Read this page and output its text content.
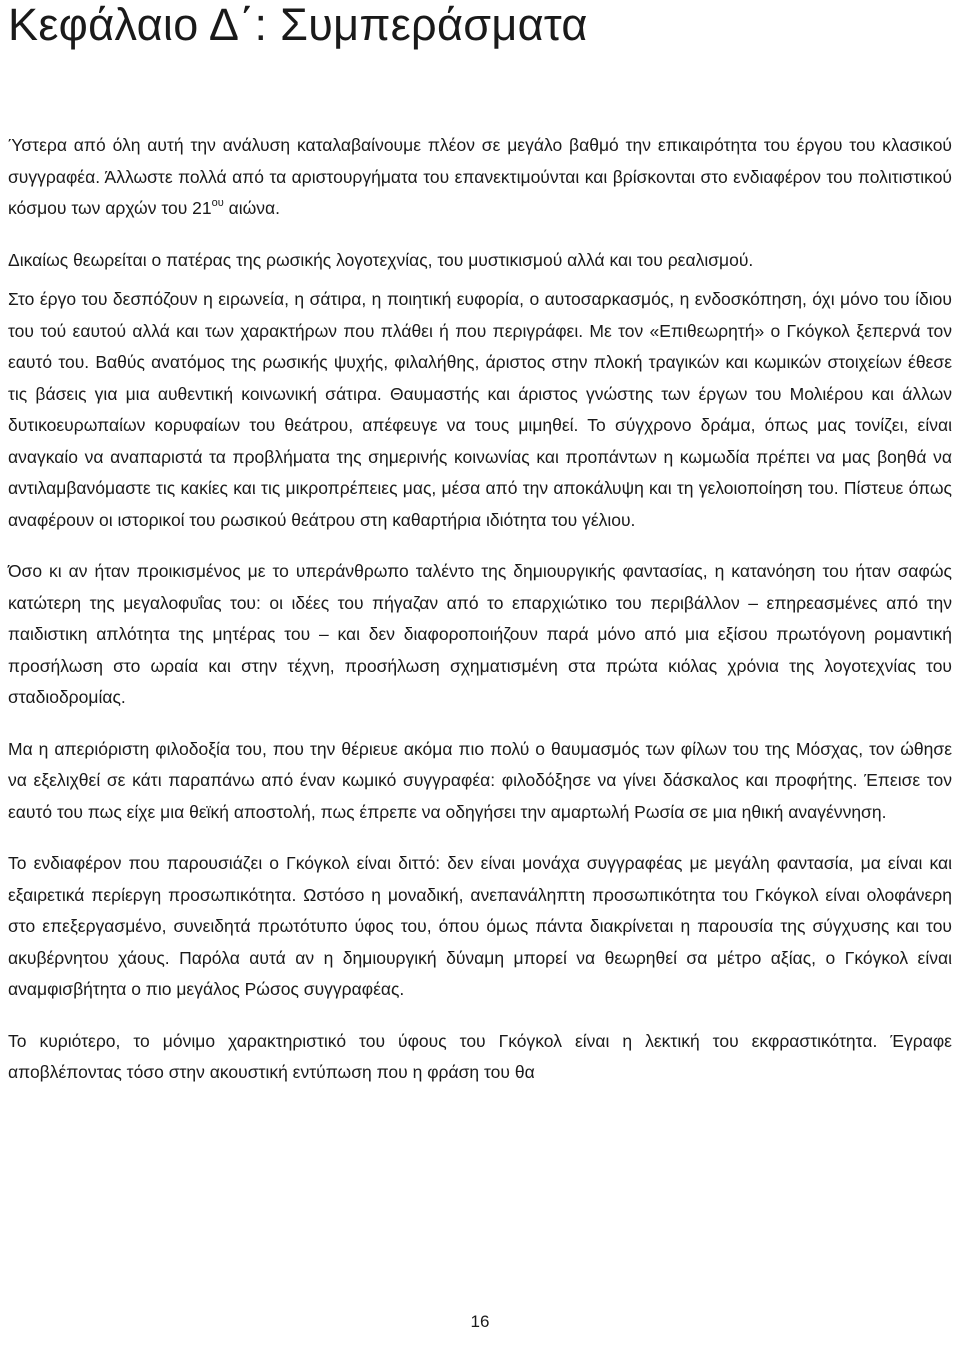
Κεφάλαιο Δ΄: Συμπεράσματα

Ύστερα από όλη αυτή την ανάλυση καταλαβαίνουμε πλέον σε μεγάλο βαθμό την επικαιρότητα του έργου του κλασικού συγγραφέα. Άλλωστε πολλά από τα αριστουργήματα του επανεκτιμούνται και βρίσκονται στο ενδιαφέρον του πολιτιστικού κόσμου των αρχών του $21^{o\upsilon}$ αιώνα.

Δικαίως θεωρείται ο πατέρας της ρωσικής λογοτεχνίας, του μυστικισμού αλλά και του ρεαλισμού.

Στο έργο του δεσπόζουν η ειρωνεία, η σάτιρα, η ποιητική ευφορία, ο αυτοσαρκασμός, η ενδοσκόπηση, όχι μόνο του ίδιου του τού εαυτού αλλά και των χαρακτήρων που πλάθει ή που περιγράφει. Με τον «Επιθεωρητή» ο Γκόγκολ ξεπερνά τον εαυτό του. Βαθύς ανατόμος της ρωσικής ψυχής, φιλαλήθης, άριστος στην πλοκή τραγικών και κωμικών στοιχείων έθεσε τις βάσεις για μια αυθεντική κοινωνική σάτιρα. Θαυμαστής και άριστος γνώστης των έργων του Μολιέρου και άλλων δυτικοευρωπαίων κορυφαίων του θεάτρου, απέφευγε να τους μιμηθεί. Το σύγχρονο δράμα, όπως μας τονίζει, είναι αναγκαίο να αναπαριστά τα προβλήματα της σημερινής κοινωνίας και προπάντων η κωμωδία πρέπει να μας βοηθά να αντιλαμβανόμαστε τις κακίες και τις μικροπρέπειες μας, μέσα από την αποκάλυψη και τη γελοιοποίηση του. Πίστευε όπως αναφέρουν οι ιστορικοί του ρωσικού θεάτρου στη καθαρτήρια ιδιότητα του γέλιου.

Όσο κι αν ήταν προικισμένος με το υπεράνθρωπο ταλέντο της δημιουργικής φαντασίας, η κατανόηση του ήταν σαφώς κατώτερη της μεγαλοφυΐας του: οι ιδέες του πήγαζαν από το επαρχιώτικο του περιβάλλον – επηρεασμένες από την παιδιστικη απλότητα της μητέρας του – και δεν διαφοροποιήζουν παρά μόνο από μια εξίσου πρωτόγονη ρομαντική προσήλωση στο ωραία και στην τέχνη, προσήλωση σχηματισμένη στα πρώτα κιόλας χρόνια της λογοτεχνίας του σταδιοδρομίας.

Μα η απεριόριστη φιλοδοξία του, που την θέριευε ακόμα πιο πολύ ο θαυμασμός των φίλων του της Μόσχας, τον ώθησε να εξελιχθεί σε κάτι παραπάνω από έναν κωμικό συγγραφέα: φιλοδόξησε να γίνει δάσκαλος και προφήτης. Έπεισε τον εαυτό του πως είχε μια θεϊκή αποστολή, πως έπρεπε να οδηγήσει την αμαρτωλή Ρωσία σε μια ηθική αναγέννηση.

Το ενδιαφέρον που παρουσιάζει ο Γκόγκολ είναι διττό: δεν είναι μονάχα συγγραφέας με μεγάλη φαντασία, μα είναι και εξαιρετικά περίεργη προσωπικότητα. Ωστόσο η μοναδική, ανεπανάληπτη προσωπικότητα του Γκόγκολ είναι ολοφάνερη στο επεξεργασμένο, συνειδητά πρωτότυπο ύφος του, όπου όμως πάντα διακρίνεται η παρουσία της σύγχυσης και του ακυβέρνητου χάους. Παρόλα αυτά αν η δημιουργική δύναμη μπορεί να θεωρηθεί σα μέτρο αξίας, ο Γκόγκολ είναι αναμφισβήτητα ο πιο μεγάλος Ρώσος συγγραφέας.

Το κυριότερο, το μόνιμο χαρακτηριστικό του ύφους του Γκόγκολ είναι η λεκτική του εκφραστικότητα. Έγραφε αποβλέποντας τόσο στην ακουστική εντύπωση που η φράση του θα

16
